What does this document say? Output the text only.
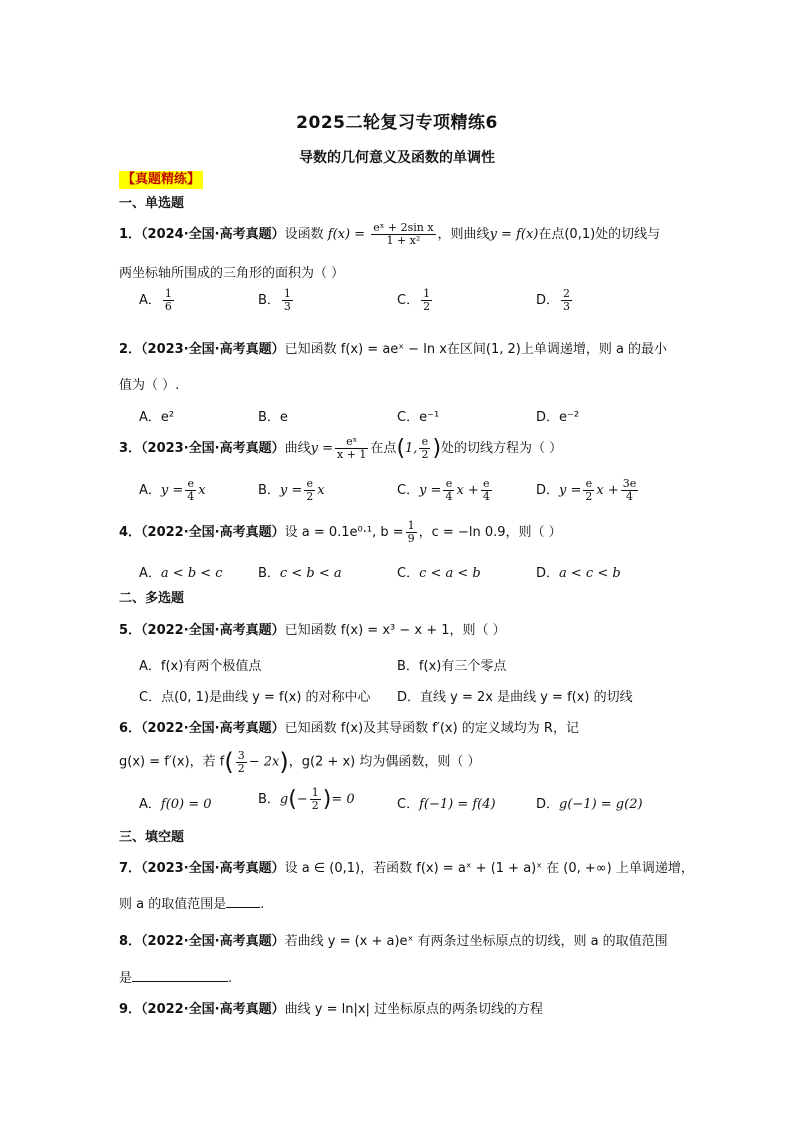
2025二轮复习专项精练6
导数的几何意义及函数的单调性
【真题精练】
一、单选题
1．（2024·全国·高考真题）设函数 $f(x) = \frac{\text{eˣ + 2sin x}}{\text{1 + x²}}$ ，则曲线y = f(x)在点(0,1)处的切线与
两坐标轴所围成的三角形的面积为（ ）
A． $\frac{1}{6}$	B． $\frac{1}{3}$	C． $\frac{1}{2}$	D． $\frac{2}{3}$
2．（2023·全国·高考真题）已知函数 f(x) = aeˣ − ln x在区间(1, 2)上单调递增，则 a 的最小
值为（ ）.
A．e²	B．e	C．e⁻¹	D．e⁻²
3．（2023·全国·高考真题）曲线$y = \frac{\text{eˣ}}{x + 1}$ 在点(1, $\frac{e}{2}$ )处的切线方程为（ ）
A．$y = \frac{e}{4}$ x	B．$y = \frac{e}{2}$ x	C．$y = \frac{e}{4}$ $x + \frac{e}{4}$	D．$y = \frac{e}{2}$ $x + \frac{3e}{4}$
4．（2022·全国·高考真题）设 a = 0.1e⁰·¹, $b = \frac{1}{9}$ ，c = −ln 0.9，则（ ）
A．a < b < c	B．c < b < a	C．c < a < b	D．a < c < b
二、多选题
5．（2022·全国·高考真题）已知函数 f(x) = x³ − x + 1，则（ ）
A．f(x)有两个极值点	B．f(x)有三个零点
C．点(0, 1)是曲线 y = f(x) 的对称中心 D．直线 y = 2x 是曲线 y = f(x) 的切线
6．（2022·全国·高考真题）已知函数 f(x)及其导函数 f′(x) 的定义域均为 R，记
g(x) = f′(x)，若 $f( \frac{3}{2} - 2x)$，g(2 + x) 均为偶函数，则（ ）
A．f(0) = 0	B．$g(- \frac{1}{2}$ )= 0	C．f(−1) = f(4)	D．g(−1) = g(2)
三、填空题
7．（2023·全国·高考真题）设 a ∈ (0,1)，若函数 f(x) = aˣ + (1 + a)ˣ 在 (0, +∞) 上单调递增，
则 a 的取值范围是	.
8．（2022·全国·高考真题）若曲线 y = (x + a)eˣ 有两条过坐标原点的切线，则 a 的取值范围
是	.
9．（2022·全国·高考真题）曲线 y = ln|x| 过坐标原点的两条切线的方程
